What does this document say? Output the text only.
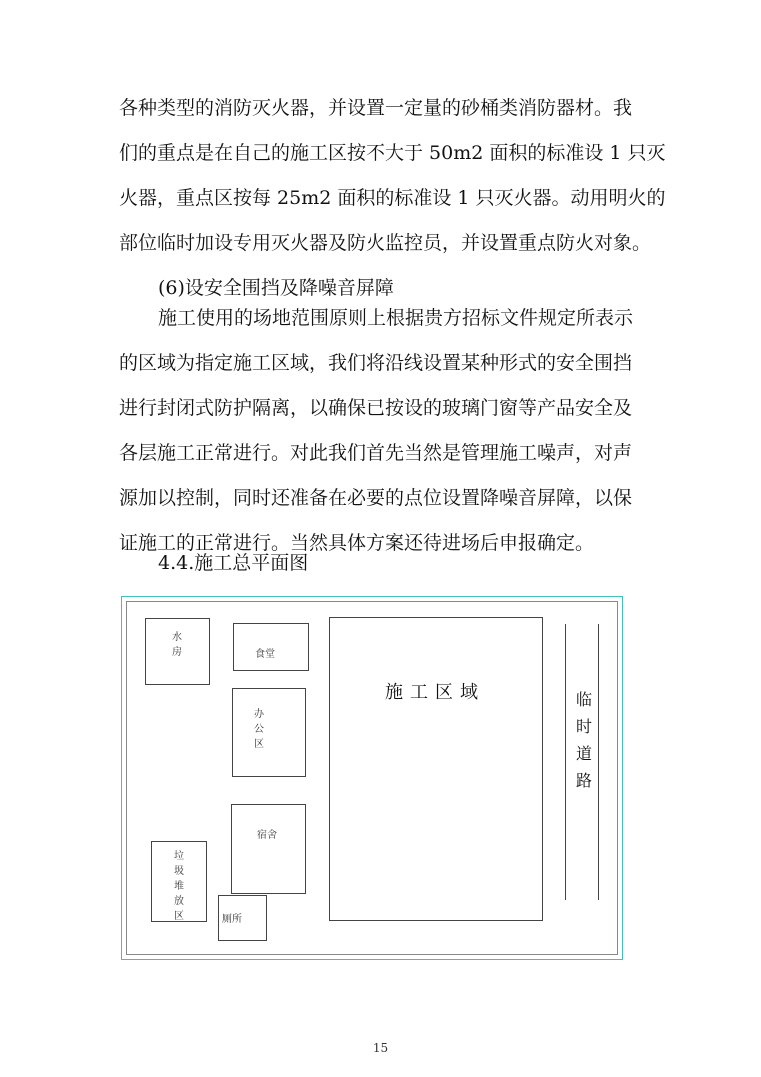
各种类型的消防灭火器，并设置一定量的砂桶类消防器材。我
们的重点是在自己的施工区按不大于 50m2 面积的标准设 1 只灭
火器，重点区按每 25m2 面积的标准设 1 只灭火器。动用明火的
部位临时加设专用灭火器及防火监控员，并设置重点防火对象。
(6)设安全围挡及降噪音屏障
施工使用的场地范围原则上根据贵方招标文件规定所表示
的区域为指定施工区域，我们将沿线设置某种形式的安全围挡
进行封闭式防护隔离，以确保已按设的玻璃门窗等产品安全及
各层施工正常进行。对此我们首先当然是管理施工噪声，对声
源加以控制，同时还准备在必要的点位设置降噪音屏障，以保
证施工的正常进行。当然具体方案还待进场后申报确定。
4.4.施工总平面图
水
房	食堂
办
公
区
宿舍
垃
圾
堆
放
区	厕所
施工区域	临
时
道
路
15
